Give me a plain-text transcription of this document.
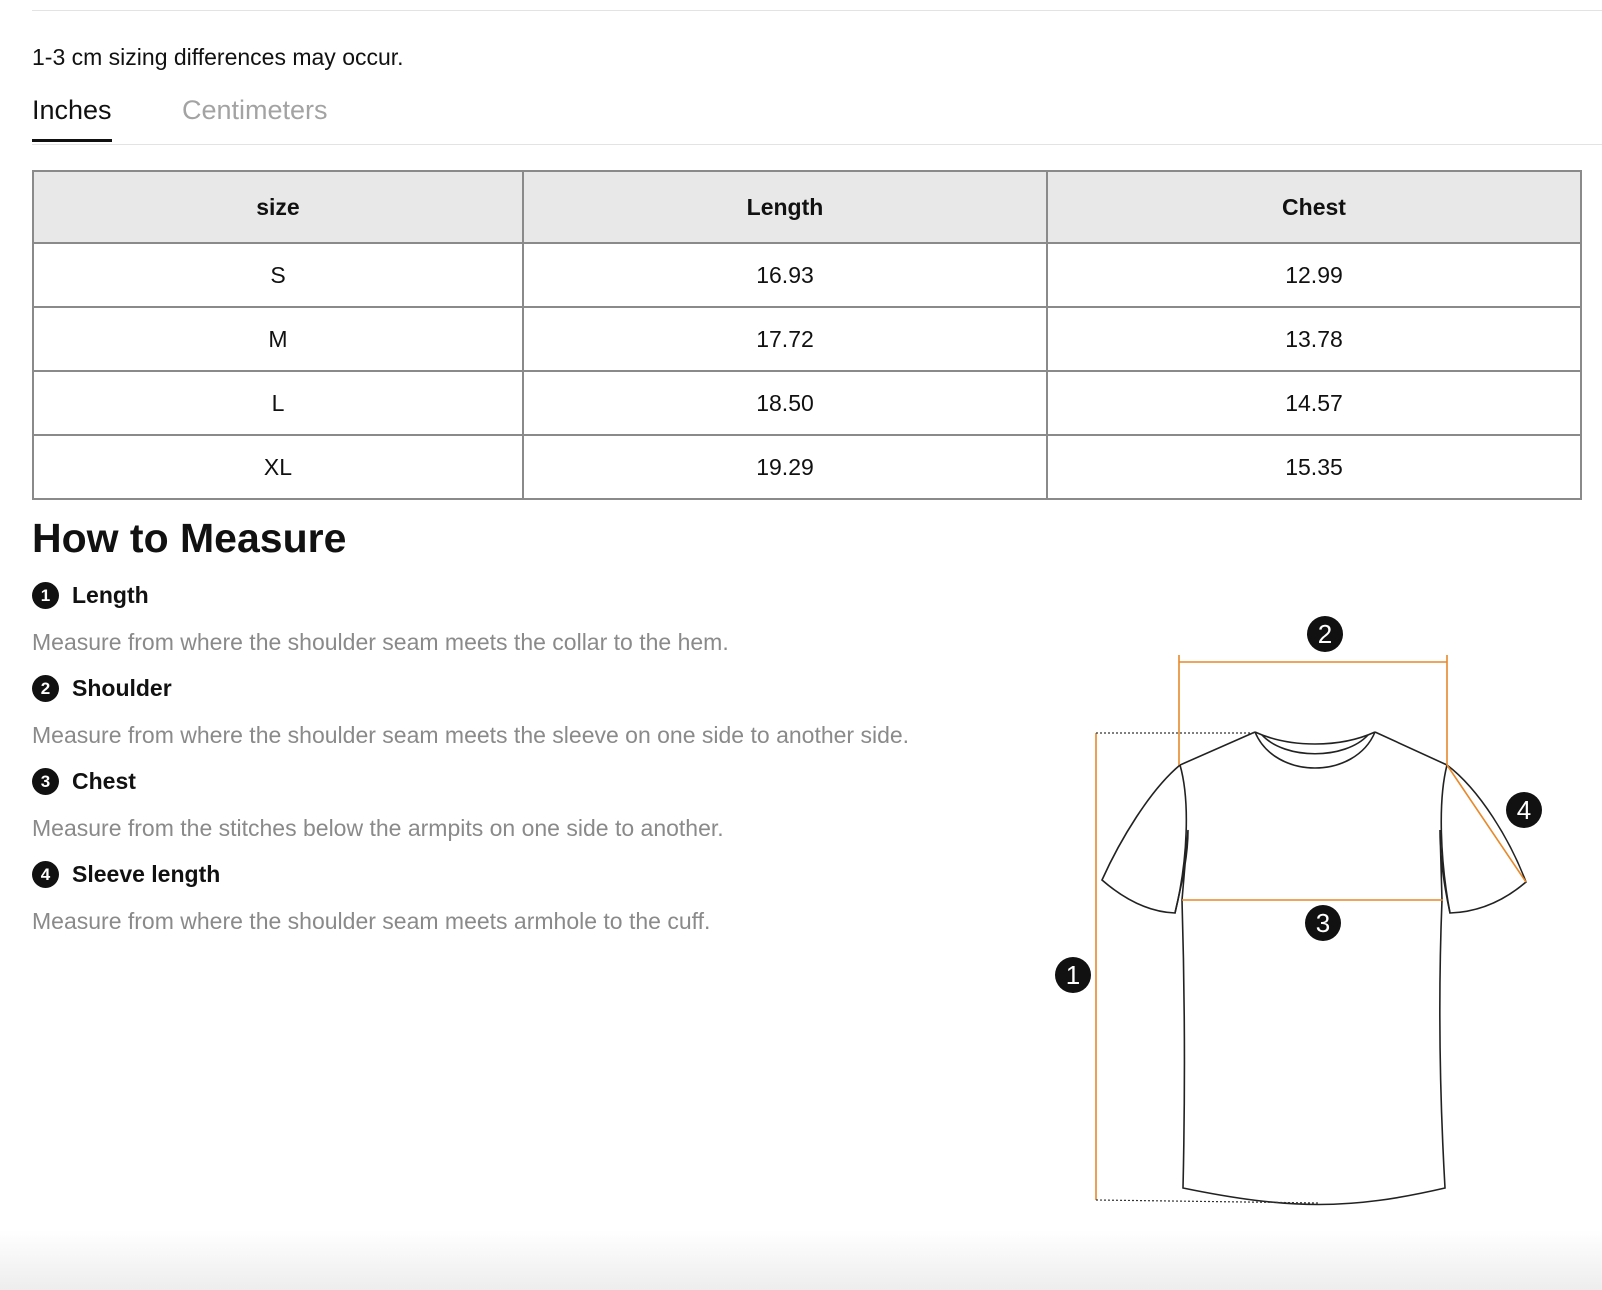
1-3 cm sizing differences may occur.
Inches	Centimeters
size	Length	Chest
S	16.93	12.99
M	17.72	13.78
L	18.50	14.57
XL	19.29	15.35
How to Measure
1 Length
Measure from where the shoulder seam meets the collar to the hem.
2 Shoulder
Measure from where the shoulder seam meets the sleeve on one side to another side.
3 Chest
Measure from the stitches below the armpits on one side to another.
4 Sleeve length
Measure from where the shoulder seam meets armhole to the cuff.
2
3
1
4
